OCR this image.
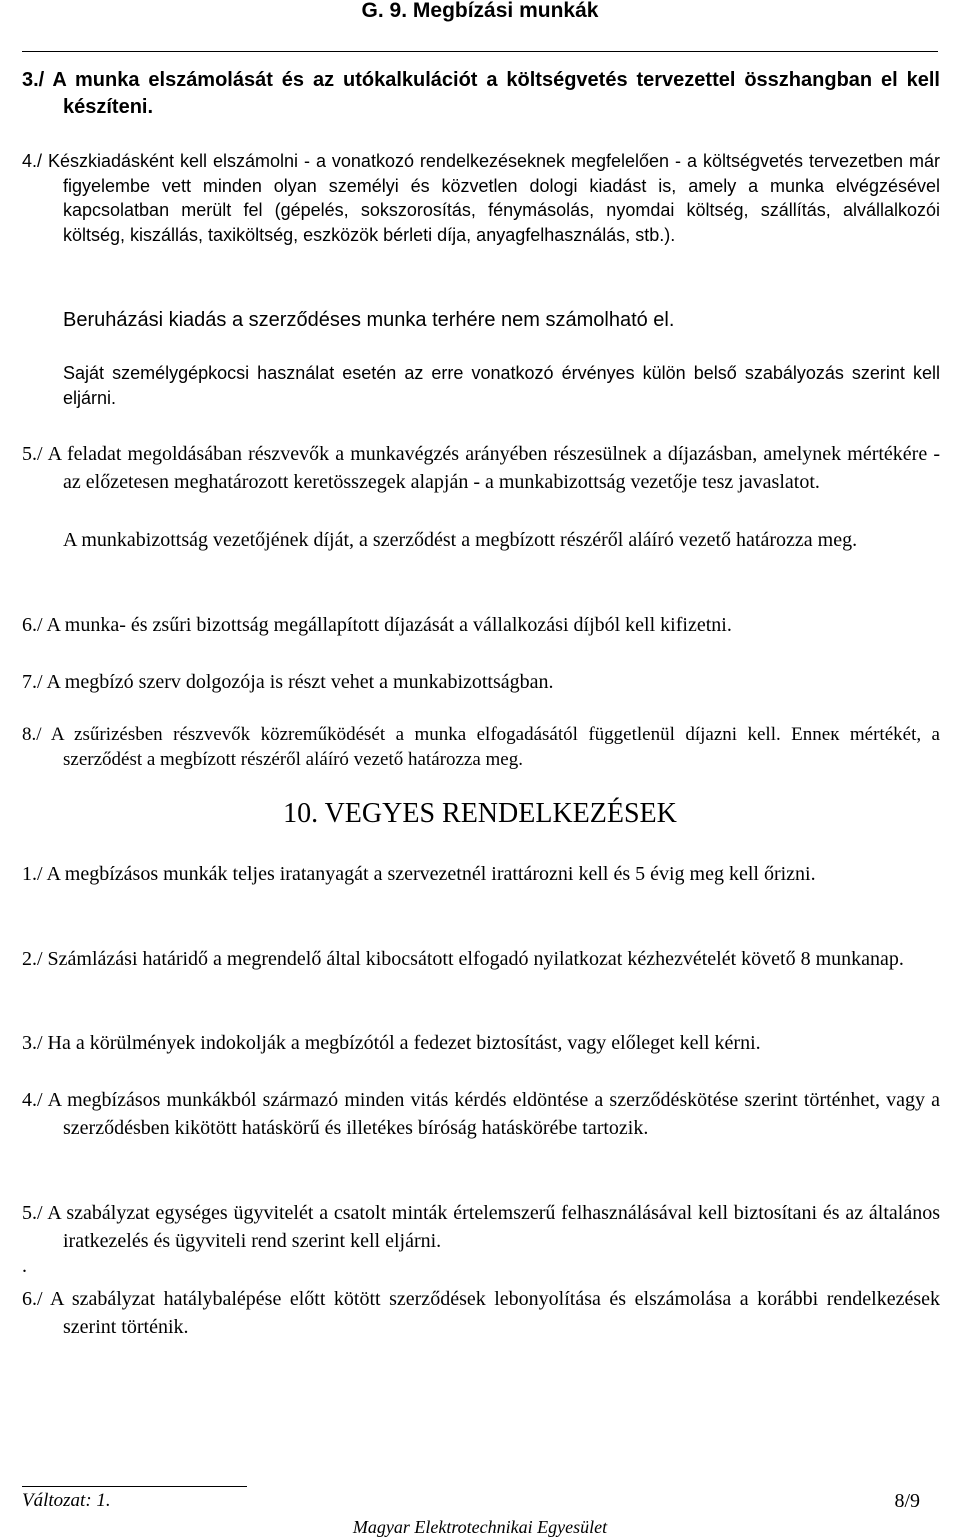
G. 9. Megbízási munkák

3./ A munka elszámolását és az utókalkulációt a költségvetés tervezettel összhangban el kell készíteni.

4./ Készkiadásként kell elszámolni - a vonatkozó rendelkezéseknek megfelelően - a költségvetés tervezetben már figyelembe vett minden olyan személyi és közvetlen dologi kiadást is, amely a munka elvégzésével kapcsolatban merült fel (gépelés, sokszorosítás, fénymásolás, nyomdai költség, szállítás, alvállalkozói költség, kiszállás, taxiköltség, eszközök bérleti díja, anyagfelhasználás, stb.).

Beruházási kiadás a szerződéses munka terhére nem számolható el.

Saját személygépkocsi használat esetén az erre vonatkozó érvényes külön belső szabályozás szerint kell eljárni.

5./ A feladat megoldásában részvevők a munkavégzés arányében részesülnek a díjazásban, amelynek mértékére - az előzetesen meghatározott keretösszegek alapján - a munkabizottság vezetője tesz javaslatot.

A munkabizottság vezetőjének díját, a szerződést a megbízott részéről aláíró vezető határozza meg.

6./ A munka- és zsűri bizottság megállapított díjazását a vállalkozási díjból kell kifizetni.

7./ A megbízó szerv dolgozója is részt vehet a munkabizottságban.

8./ A zsűrizésben részvevők közreműködését a munka elfogadásától függetlenül díjazni kell. Enneк mértékét, a szerződést a megbízott részéről aláíró vezető határozza meg.

10. VEGYES RENDELKEZÉSEK

1./ A megbízásos munkák teljes iratanyagát a szervezetnél irattározni kell és 5 évig meg kell őrizni.

2./ Számlázási határidő a megrendelő által kibocsátott elfogadó nyilatkozat kézhezvételét követő 8 munkanap.

3./ Ha a körülmények indokolják a megbízótól a fedezet biztosítást, vagy előleget kell kérni.

4./ A megbízásos munkákból származó minden vitás kérdés eldöntése a szerződéskötése szerint történhet, vagy a szerződésben kikötött hatáskörű és illetékes bíróság hatáskörébe tartozik.

5./ A szabályzat egységes ügyvitelét a csatolt minták értelemszerű felhasználásával kell biztosítani és az általános iratkezelés és ügyviteli rend szerint kell eljárni.

.

6./ A szabályzat hatálybalépése előtt kötött szerződések lebonyolítása és elszámolása a korábbi rendelkezések szerint történik.

Változat: 1.	8/9
Magyar Elektrotechnikai Egyesület
